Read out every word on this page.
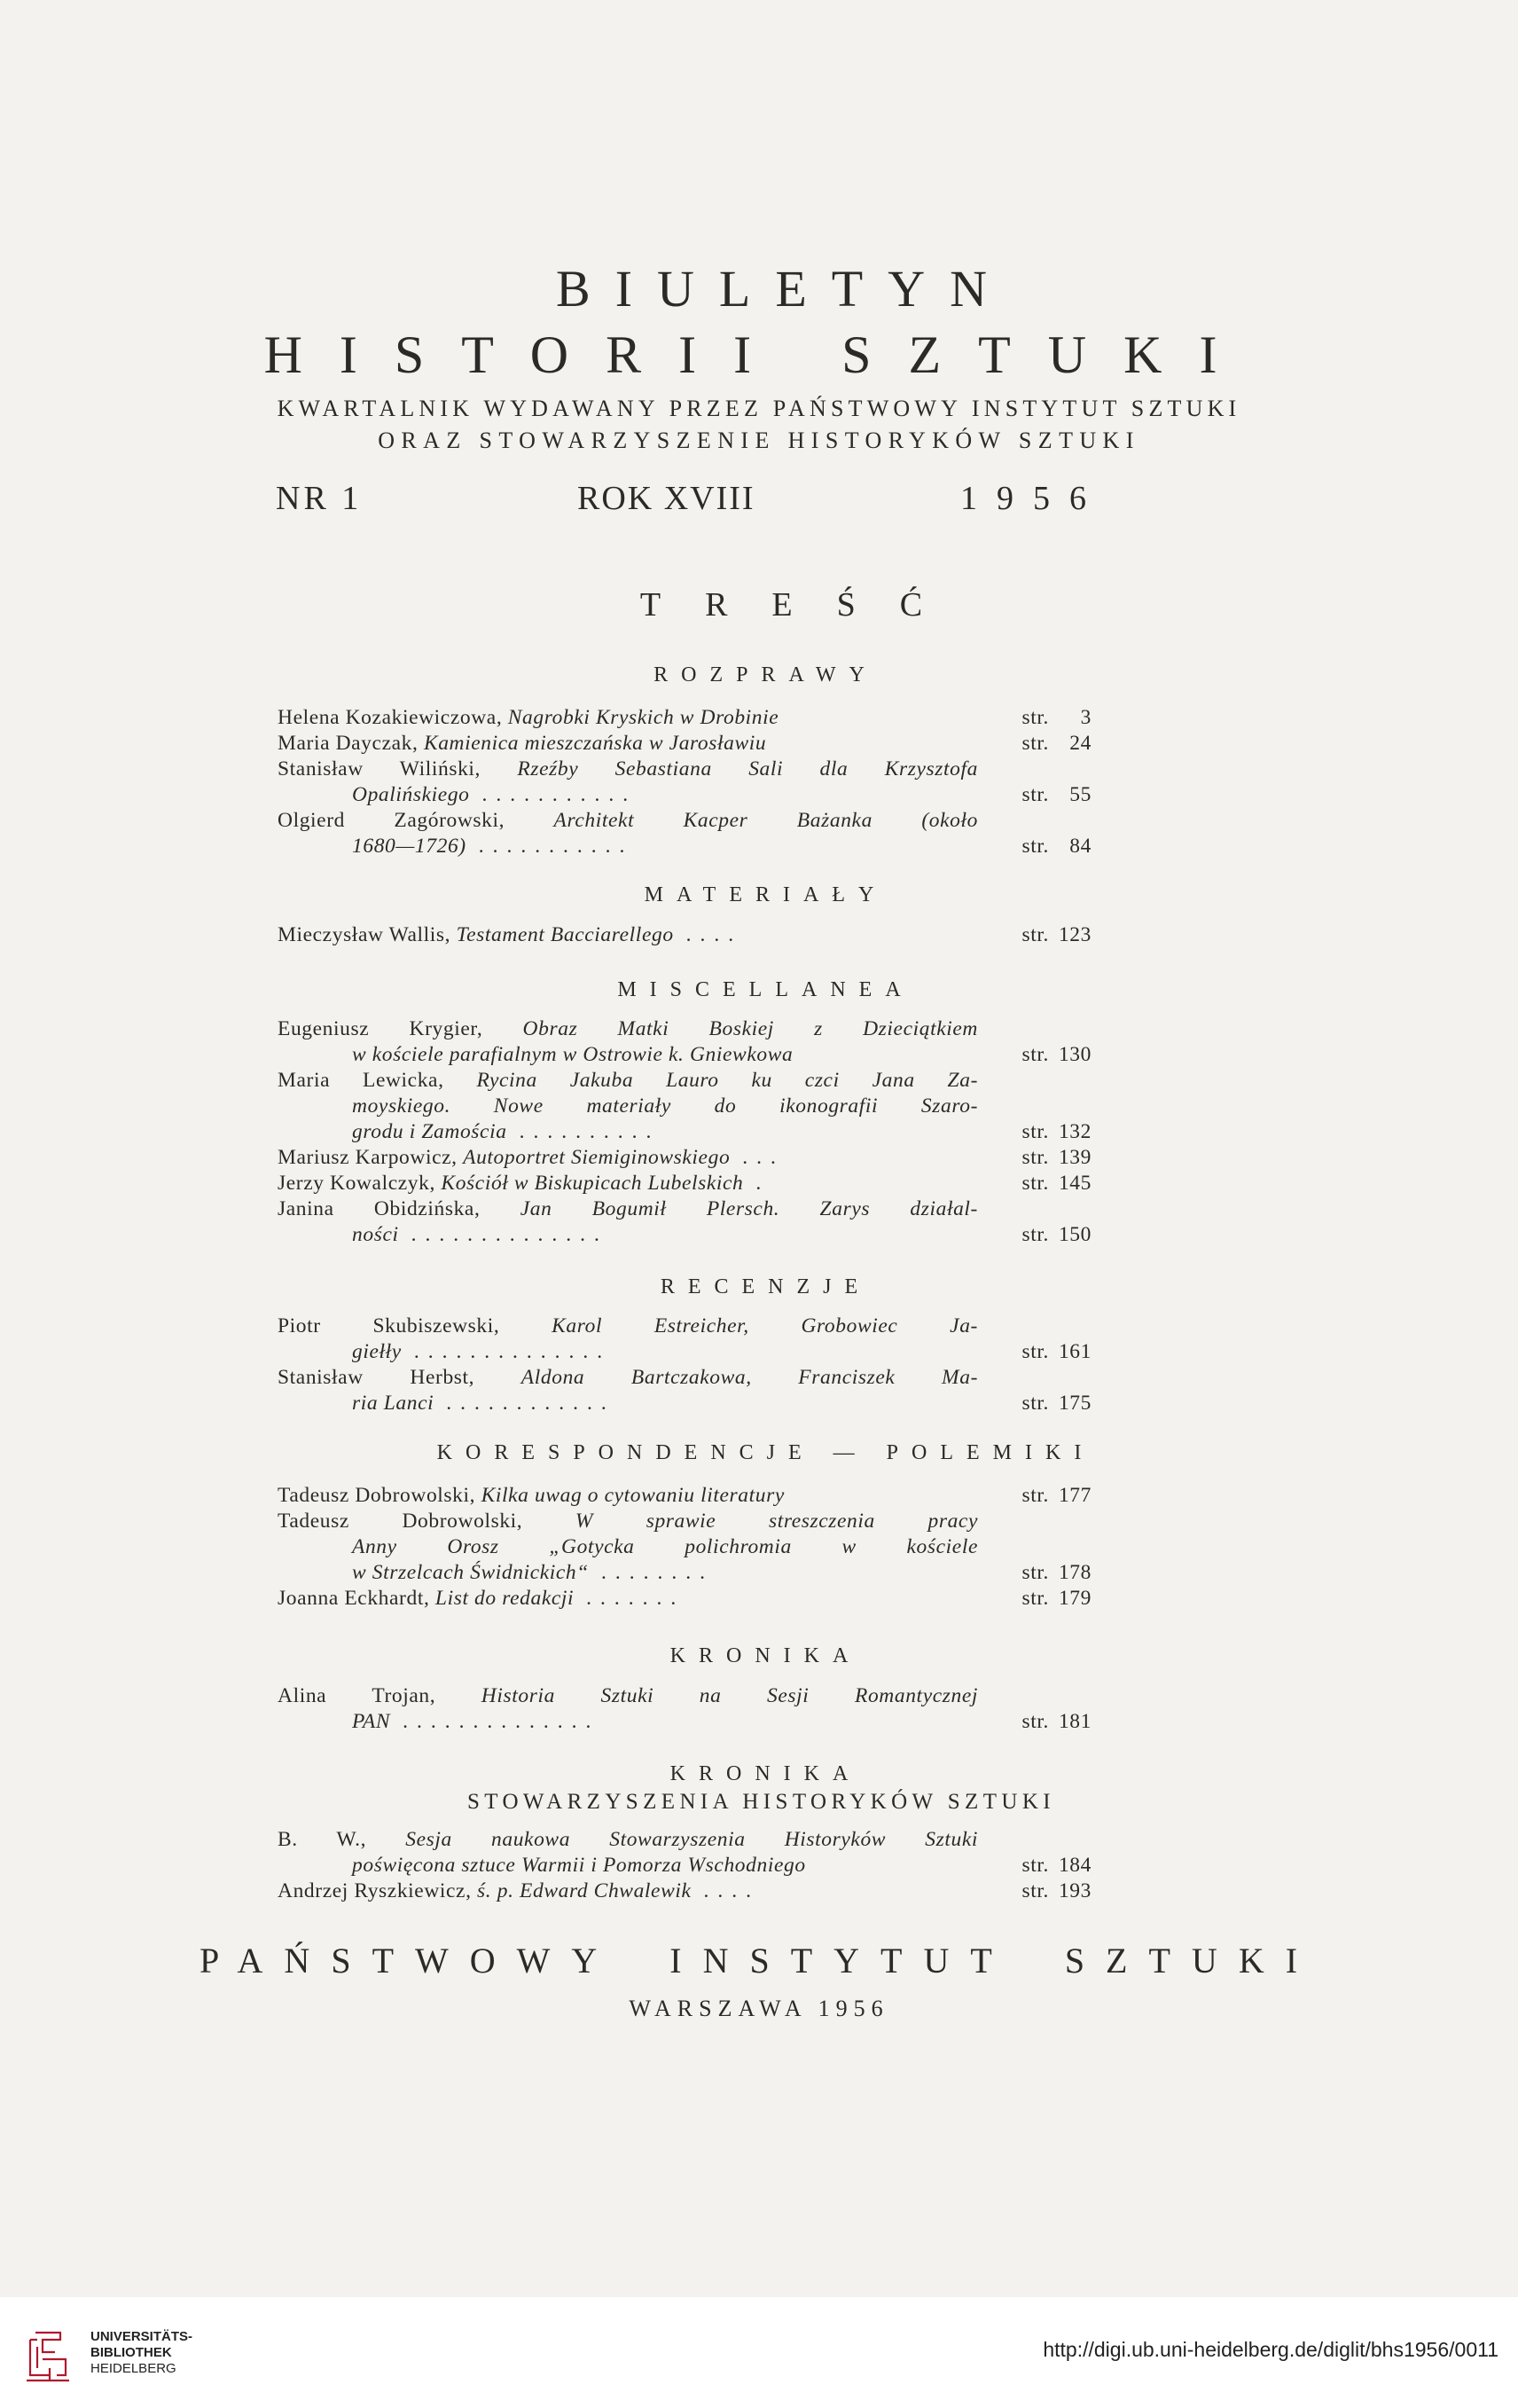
BIULETYN
HISTORII SZTUKI
KWARTALNIK WYDAWANY PRZEZ PAŃSTWOWY INSTYTUT SZTUKI
ORAZ STOWARZYSZENIE HISTORYKÓW SZTUKI
NR 1	ROK XVIII	1956
TREŚĆ
ROZPRAWY
MATERIAŁY
MISCELLANEA
RECENZJE
KORESPONDENCJE — POLEMIKI
KRONIKA
KRONIKA
STOWARZYSZENIA HISTORYKÓW SZTUKI
Helena Kozakiewiczowa, Nagrobki Kryskich w Drobinie	str. 3
Maria Dayczak, Kamienica mieszczańska w Jarosławiu	str. 24
Stanisław Wiliński, Rzeźby Sebastiana Sali dla Krzysztofa
Opalińskiego ...........	str. 55
Olgierd Zagórowski, Architekt Kacper Bażanka (około
1680—1726) ...........	str. 84
Mieczysław Wallis, Testament Bacciarellego ....	str. 123
Eugeniusz Krygier, Obraz Matki Boskiej z Dzieciątkiem
w kościele parafialnym w Ostrowie k. Gniewkowa	str. 130
Maria Lewicka, Rycina Jakuba Lauro ku czci Jana Za-
moyskiego. Nowe materiały do ikonografii Szaro-
grodu i Zamościa ..........	str. 132
Mariusz Karpowicz, Autoportret Siemiginowskiego ...	str. 139
Jerzy Kowalczyk, Kościół w Biskupicach Lubelskich .	str. 145
Janina Obidzińska, Jan Bogumił Plersch. Zarys działal-
ności ..............	str. 150
Piotr Skubiszewski, Karol Estreicher, Grobowiec Ja-
giełły ..............	str. 161
Stanisław Herbst, Aldona Bartczakowa, Franciszek Ma-
ria Lanci ............	str. 175
Tadeusz Dobrowolski, Kilka uwag o cytowaniu literatury	str. 177
Tadeusz Dobrowolski, W sprawie streszczenia pracy
Anny Orosz „Gotycka polichromia w kościele
w Strzelcach Świdnickich“ ........	str. 178
Joanna Eckhardt, List do redakcji .......	str. 179
Alina Trojan, Historia Sztuki na Sesji Romantycznej
PAN ..............	str. 181
B. W., Sesja naukowa Stowarzyszenia Historyków Sztuki
poświęcona sztuce Warmii i Pomorza Wschodniego	str. 184
Andrzej Ryszkiewicz, ś. p. Edward Chwalewik ....	str. 193
PAŃSTWOWY INSTYTUT SZTUKI
WARSZAWA 1956
UNIVERSITÄTS-
BIBLIOTHEK
HEIDELBERG
http://digi.ub.uni-heidelberg.de/diglit/bhs1956/0011
